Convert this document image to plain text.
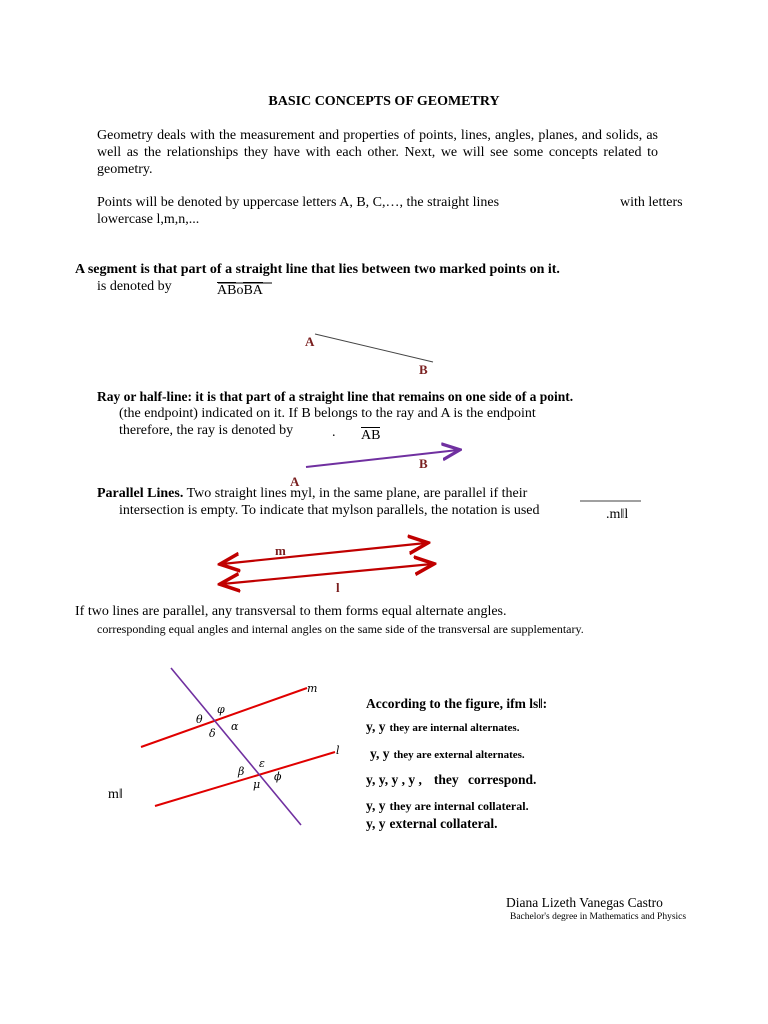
BASIC CONCEPTS OF GEOMETRY
Geometry deals with the measurement and properties of points, lines, angles, planes, and solids, as well as the relationships they have with each other. Next, we will see some concepts related to geometry.
Points will be denoted by uppercase letters A, B, C,…, the straight lines	with letters
lowercase l,m,n,...
A segment is that part of a straight line that lies between two marked points on it.
is denoted by	ABoBA
A
B
Ray or half-line: it is that part of a straight line that remains on one side of a point.
(the endpoint) indicated on it. If B belongs to the ray and A is the endpoint
therefore, the ray is denoted by	. AB
B
A
Parallel Lines. Two straight lines myl, in the same plane, are parallel if their
intersection is empty. To indicate that mylson parallels, the notation is used	.m‖l
m
l
If two lines are parallel, any transversal to them forms equal alternate angles.
corresponding equal angles and internal angles on the same side of the transversal are supplementary.
m
l
φ
θ
α
δ
ε
β	ϕ
μ
m‖
According to the figure, ifm ls‖:
y, y they are internal alternates.
y, y they are external alternates.
y, y, y , y , they correspond.
y, y they are internal collateral.
y, y external collateral.
Diana Lizeth Vanegas Castro
Bachelor's degree in Mathematics and Physics
